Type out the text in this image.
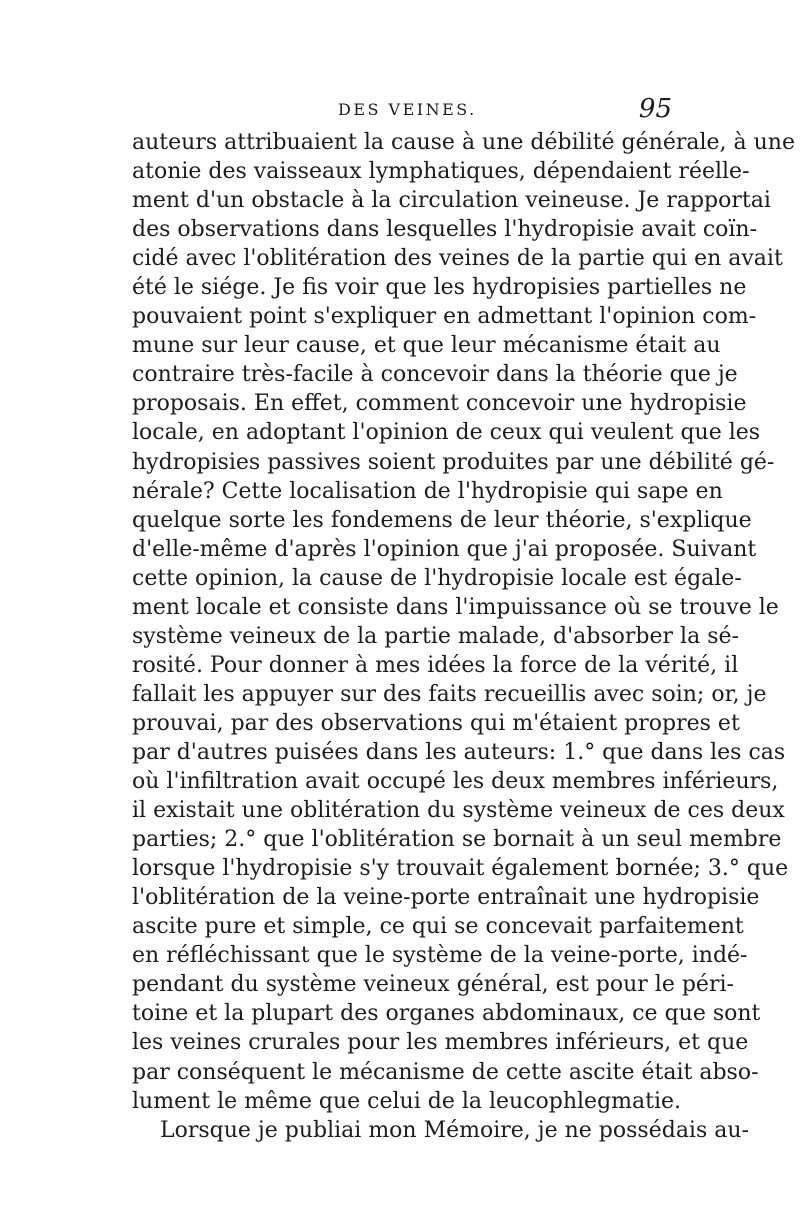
DES VEINES.	95
auteurs attribuaient la cause à une débilité générale, à une
atonie des vaisseaux lymphatiques, dépendaient réelle-
ment d'un obstacle à la circulation veineuse. Je rapportai
des observations dans lesquelles l'hydropisie avait coïn-
cidé avec l'oblitération des veines de la partie qui en avait
été le siége. Je fis voir que les hydropisies partielles ne
pouvaient point s'expliquer en admettant l'opinion com-
mune sur leur cause, et que leur mécanisme était au
contraire très-facile à concevoir dans la théorie que je
proposais. En effet, comment concevoir une hydropisie
locale, en adoptant l'opinion de ceux qui veulent que les
hydropisies passives soient produites par une débilité gé-
nérale? Cette localisation de l'hydropisie qui sape en
quelque sorte les fondemens de leur théorie, s'explique
d'elle-même d'après l'opinion que j'ai proposée. Suivant
cette opinion, la cause de l'hydropisie locale est égale-
ment locale et consiste dans l'impuissance où se trouve le
système veineux de la partie malade, d'absorber la sé-
rosité. Pour donner à mes idées la force de la vérité, il
fallait les appuyer sur des faits recueillis avec soin; or, je
prouvai, par des observations qui m'étaient propres et
par d'autres puisées dans les auteurs: 1.° que dans les cas
où l'infiltration avait occupé les deux membres inférieurs,
il existait une oblitération du système veineux de ces deux
parties; 2.° que l'oblitération se bornait à un seul membre
lorsque l'hydropisie s'y trouvait également bornée; 3.° que
l'oblitération de la veine-porte entraînait une hydropisie
ascite pure et simple, ce qui se concevait parfaitement
en réfléchissant que le système de la veine-porte, indé-
pendant du système veineux général, est pour le péri-
toine et la plupart des organes abdominaux, ce que sont
les veines crurales pour les membres inférieurs, et que
par conséquent le mécanisme de cette ascite était abso-
lument le même que celui de la leucophlegmatie.
Lorsque je publiai mon Mémoire, je ne possédais au-
